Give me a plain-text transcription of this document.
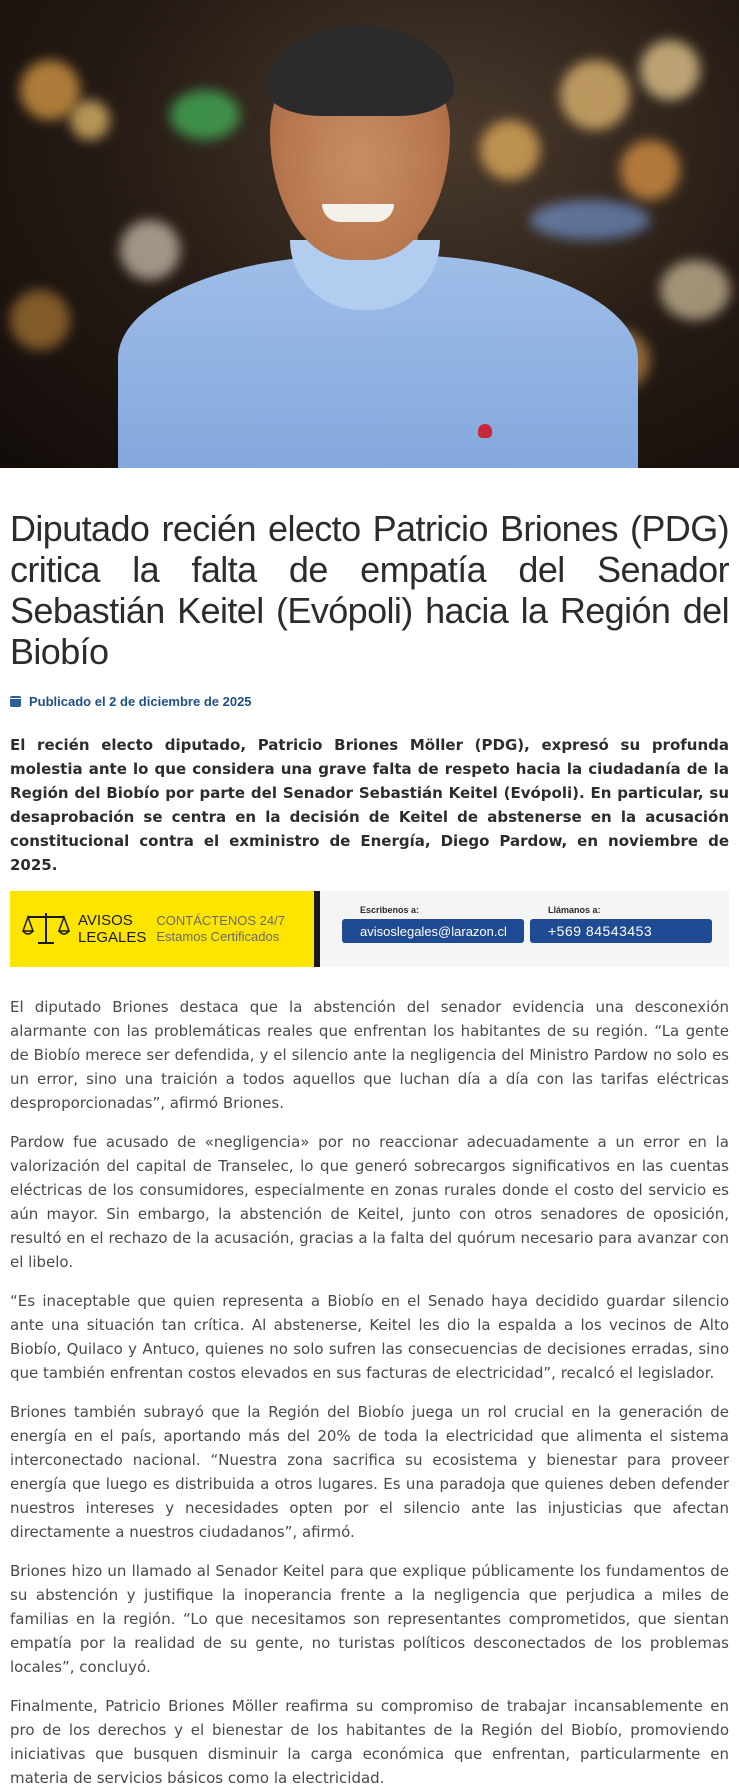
Diputado recién electo Patricio Briones (PDG) critica la falta de empatía del Senador Sebastián Keitel (Evópoli) hacia la Región del Biobío
Publicado el 2 de diciembre de 2025
El recién electo diputado, Patricio Briones Möller (PDG), expresó su profunda molestia ante lo que considera una grave falta de respeto hacia la ciudadanía de la Región del Biobío por parte del Senador Sebastián Keitel (Evópoli). En particular, su desaprobación se centra en la decisión de Keitel de abstenerse en la acusación constitucional contra el exministro de Energía, Diego Pardow, en noviembre de 2025.
AVISOS
LEGALES
CONTÁCTENOS 24/7
Estamos Certificados
Escribenos a:
avisoslegales@larazon.cl
Llámanos a:
+569 84543453

El diputado Briones destaca que la abstención del senador evidencia una desconexión alarmante con las problemáticas reales que enfrentan los habitantes de su región. “La gente de Biobío merece ser defendida, y el silencio ante la negligencia del Ministro Pardow no solo es un error, sino una traición a todos aquellos que luchan día a día con las tarifas eléctricas desproporcionadas”, afirmó Briones.

Pardow fue acusado de «negligencia» por no reaccionar adecuadamente a un error en la valorización del capital de Transelec, lo que generó sobrecargos significativos en las cuentas eléctricas de los consumidores, especialmente en zonas rurales donde el costo del servicio es aún mayor. Sin embargo, la abstención de Keitel, junto con otros senadores de oposición, resultó en el rechazo de la acusación, gracias a la falta del quórum necesario para avanzar con el libelo.

“Es inaceptable que quien representa a Biobío en el Senado haya decidido guardar silencio ante una situación tan crítica. Al abstenerse, Keitel les dio la espalda a los vecinos de Alto Biobío, Quilaco y Antuco, quienes no solo sufren las consecuencias de decisiones erradas, sino que también enfrentan costos elevados en sus facturas de electricidad”, recalcó el legislador.

Briones también subrayó que la Región del Biobío juega un rol crucial en la generación de energía en el país, aportando más del 20% de toda la electricidad que alimenta el sistema interconectado nacional. “Nuestra zona sacrifica su ecosistema y bienestar para proveer energía que luego es distribuida a otros lugares. Es una paradoja que quienes deben defender nuestros intereses y necesidades opten por el silencio ante las injusticias que afectan directamente a nuestros ciudadanos”, afirmó.

Briones hizo un llamado al Senador Keitel para que explique públicamente los fundamentos de su abstención y justifique la inoperancia frente a la negligencia que perjudica a miles de familias en la región. “Lo que necesitamos son representantes comprometidos, que sientan empatía por la realidad de su gente, no turistas políticos desconectados de los problemas locales”, concluyó.

Finalmente, Patricio Briones Möller reafirma su compromiso de trabajar incansablemente en pro de los derechos y el bienestar de los habitantes de la Región del Biobío, promoviendo iniciativas que busquen disminuir la carga económica que enfrentan, particularmente en materia de servicios básicos como la electricidad.
